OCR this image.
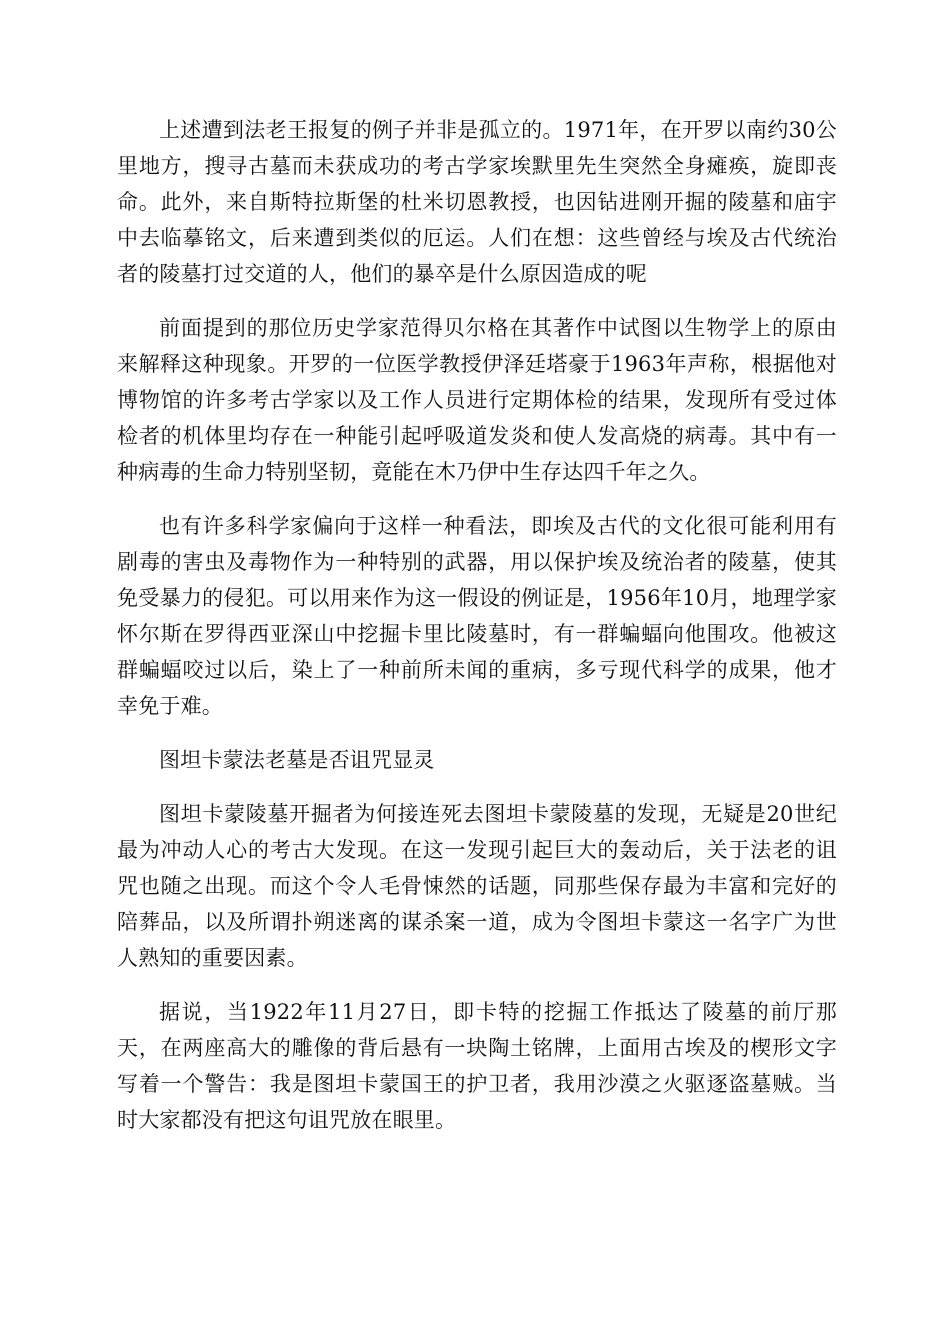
上述遭到法老王报复的例子并非是孤立的。1971年，在开罗以南约30公里地方，搜寻古墓而未获成功的考古学家埃默里先生突然全身瘫痪，旋即丧命。此外，来自斯特拉斯堡的杜米切恩教授，也因钻进刚开掘的陵墓和庙宇中去临摹铭文，后来遭到类似的厄运。人们在想：这些曾经与埃及古代统治者的陵墓打过交道的人，他们的暴卒是什么原因造成的呢

前面提到的那位历史学家范得贝尔格在其著作中试图以生物学上的原由来解释这种现象。开罗的一位医学教授伊泽廷塔豪于1963年声称，根据他对博物馆的许多考古学家以及工作人员进行定期体检的结果，发现所有受过体检者的机体里均存在一种能引起呼吸道发炎和使人发高烧的病毒。其中有一种病毒的生命力特别坚韧，竟能在木乃伊中生存达四千年之久。

也有许多科学家偏向于这样一种看法，即埃及古代的文化很可能利用有剧毒的害虫及毒物作为一种特别的武器，用以保护埃及统治者的陵墓，使其免受暴力的侵犯。可以用来作为这一假设的例证是，1956年10月，地理学家怀尔斯在罗得西亚深山中挖掘卡里比陵墓时，有一群蝙蝠向他围攻。他被这群蝙蝠咬过以后，染上了一种前所未闻的重病，多亏现代科学的成果，他才幸免于难。

图坦卡蒙法老墓是否诅咒显灵

图坦卡蒙陵墓开掘者为何接连死去图坦卡蒙陵墓的发现，无疑是20世纪最为冲动人心的考古大发现。在这一发现引起巨大的轰动后，关于法老的诅咒也随之出现。而这个令人毛骨悚然的话题，同那些保存最为丰富和完好的陪葬品，以及所谓扑朔迷离的谋杀案一道，成为令图坦卡蒙这一名字广为世人熟知的重要因素。

据说，当1922年11月27日，即卡特的挖掘工作抵达了陵墓的前厅那天，在两座高大的雕像的背后悬有一块陶土铭牌，上面用古埃及的楔形文字写着一个警告：我是图坦卡蒙国王的护卫者，我用沙漠之火驱逐盗墓贼。当时大家都没有把这句诅咒放在眼里。
